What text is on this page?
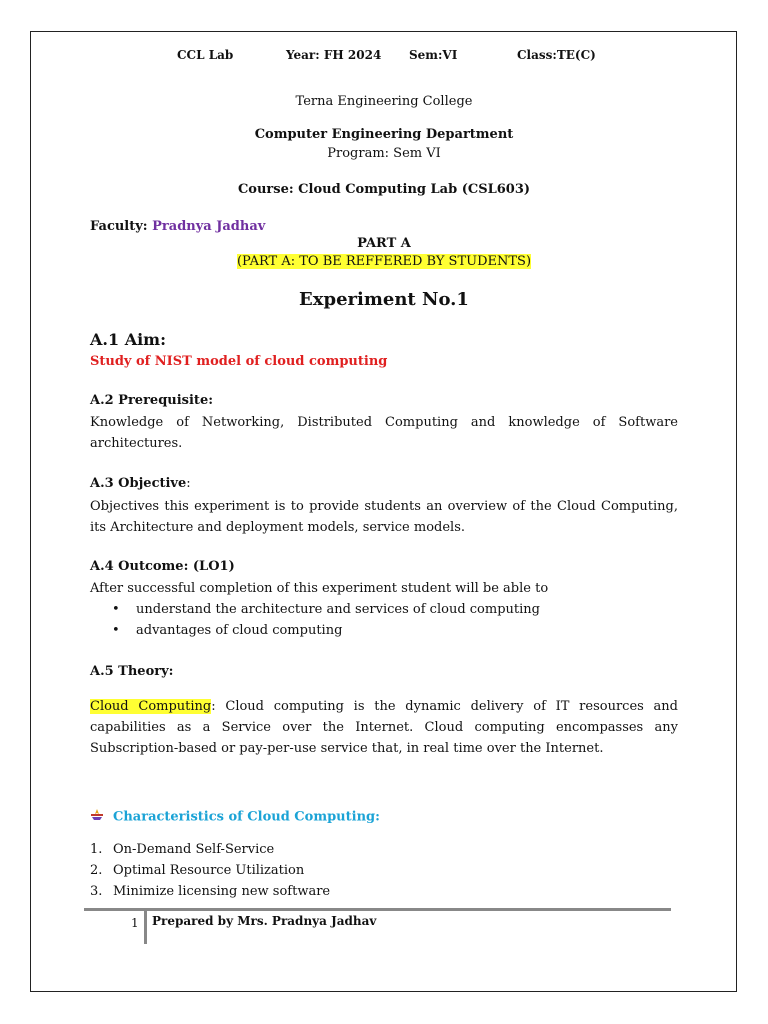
CCL Lab	Year: FH 2024 Sem:VI	Class:TE(C)
Terna Engineering College
Computer Engineering Department
Program: Sem VI
Course: Cloud Computing Lab (CSL603)
Faculty: Pradnya Jadhav
PART A
(PART A: TO BE REFFERED BY STUDENTS)
Experiment No.1
A.1 Aim:
Study of NIST model of cloud computing
A.2 Prerequisite:
Knowledge of Networking, Distributed Computing and knowledge of Software architectures.
A.3 Objective:
Objectives this experiment is to provide students an overview of the Cloud Computing, its Architecture and deployment models, service models.
A.4 Outcome: (LO1)
After successful completion of this experiment student will be able to
• understand the architecture and services of cloud computing
• advantages of cloud computing
A.5 Theory:
Cloud Computing: Cloud computing is the dynamic delivery of IT resources and capabilities as a Service over the Internet. Cloud computing encompasses any Subscription-based or pay-per-use service that, in real time over the Internet.
Characteristics of Cloud Computing:
1. On-Demand Self-Service
2. Optimal Resource Utilization
3. Minimize licensing new software
1 Prepared by Mrs. Pradnya Jadhav
